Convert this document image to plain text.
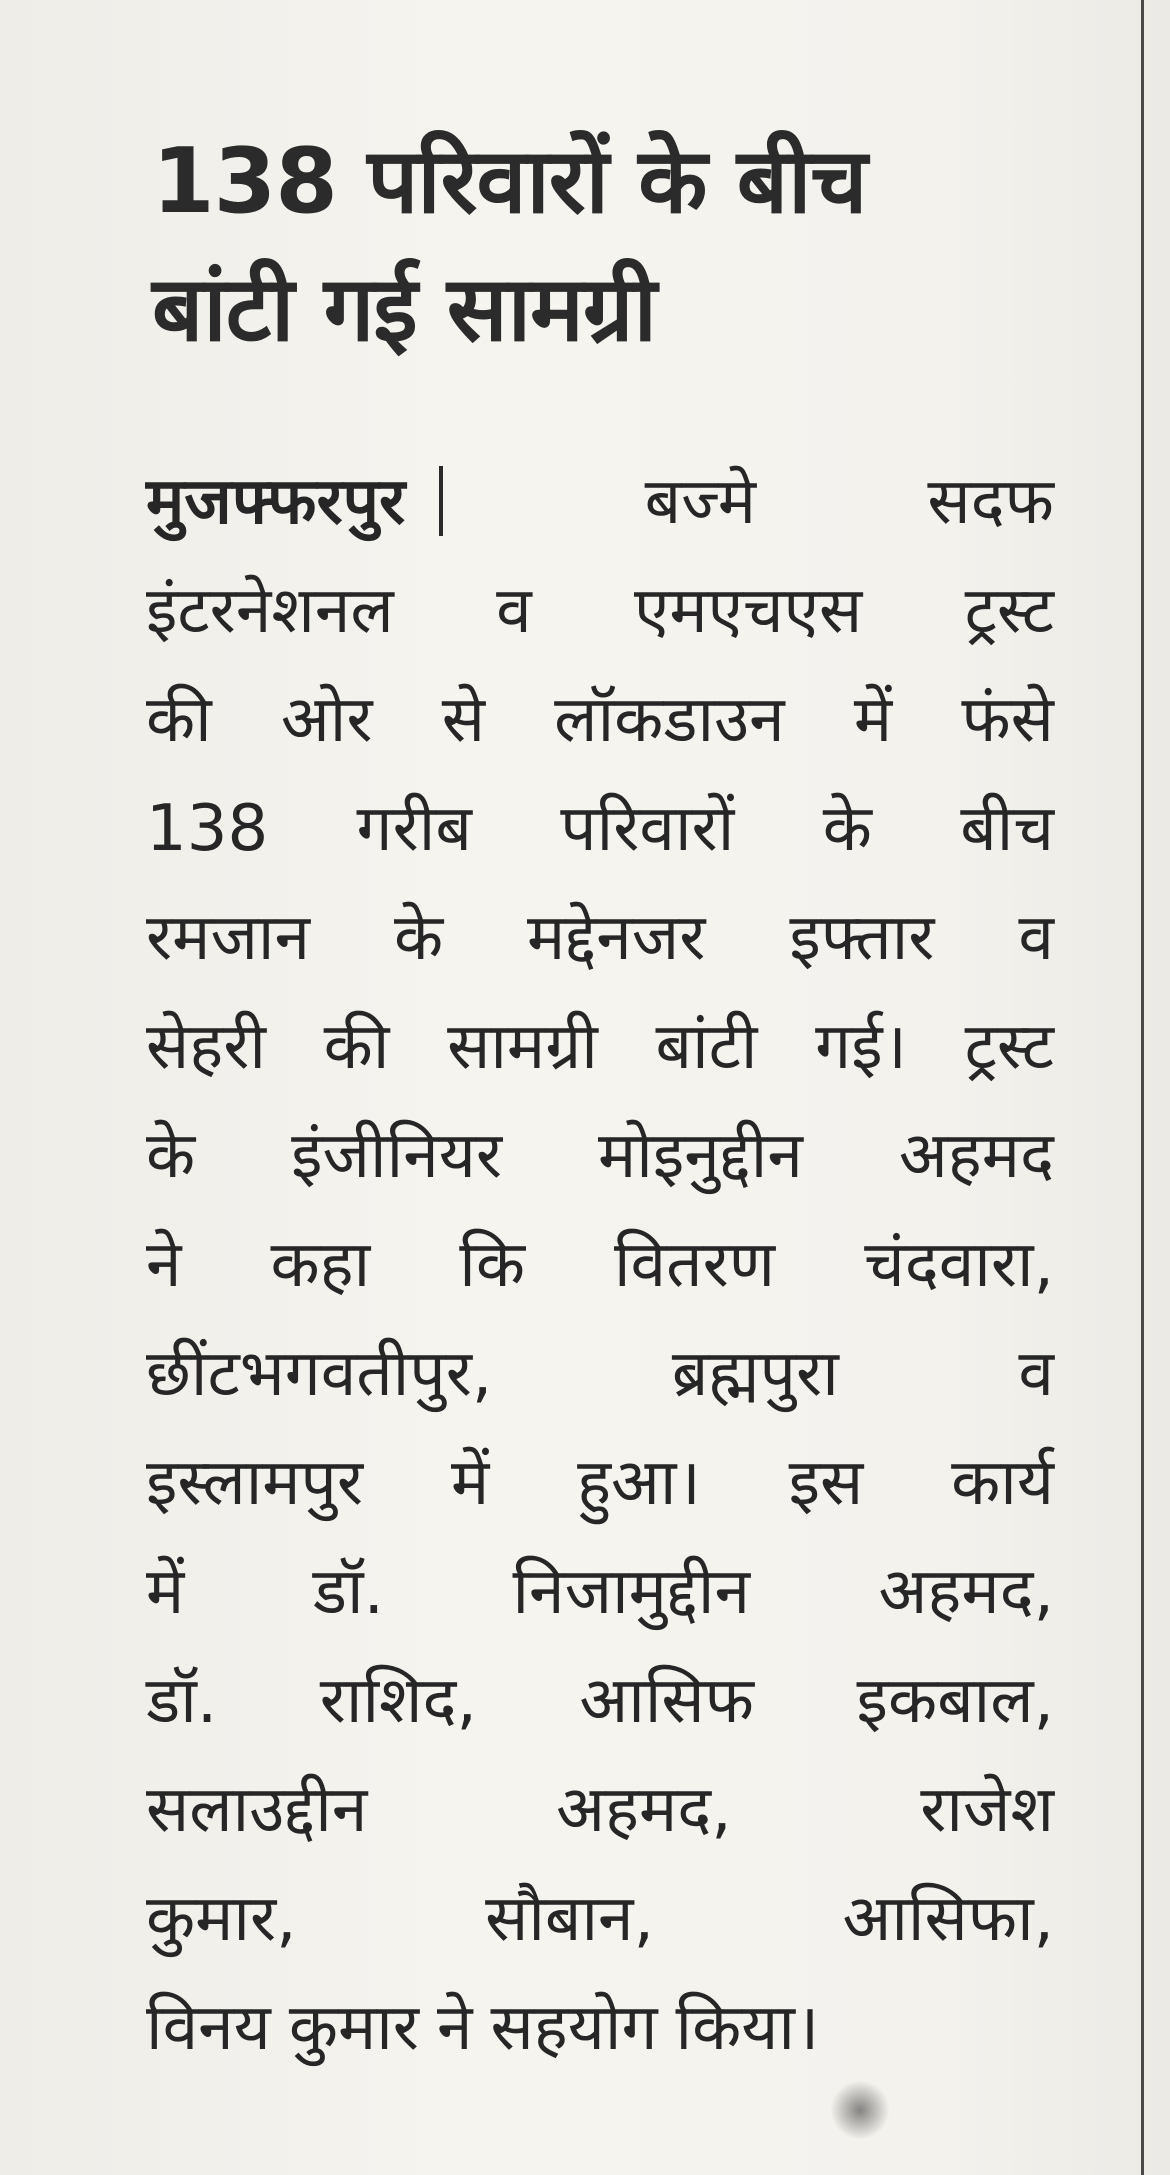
138 परिवारों के बीच
बांटी गई सामग्री
मुजफ्फरपुर	बज्मे	सदफ
इंटरनेशनल व एमएचएस ट्रस्ट
की ओर से लॉकडाउन में फंसे
138 गरीब परिवारों के बीच
रमजान के मद्देनजर इफ्तार व
सेहरी की सामग्री बांटी गई। ट्रस्ट
के इंजीनियर मोइनुद्दीन अहमद
ने कहा कि वितरण चंदवारा,
छींटभगवतीपुर,	ब्रह्मपुरा	व
इस्लामपुर में हुआ। इस कार्य
में डॉ. निजामुद्दीन अहमद,
डॉ. राशिद, आसिफ इकबाल,
सलाउद्दीन	अहमद,	राजेश
कुमार,	सौबान,	आसिफा,
विनय कुमार ने सहयोग किया।
